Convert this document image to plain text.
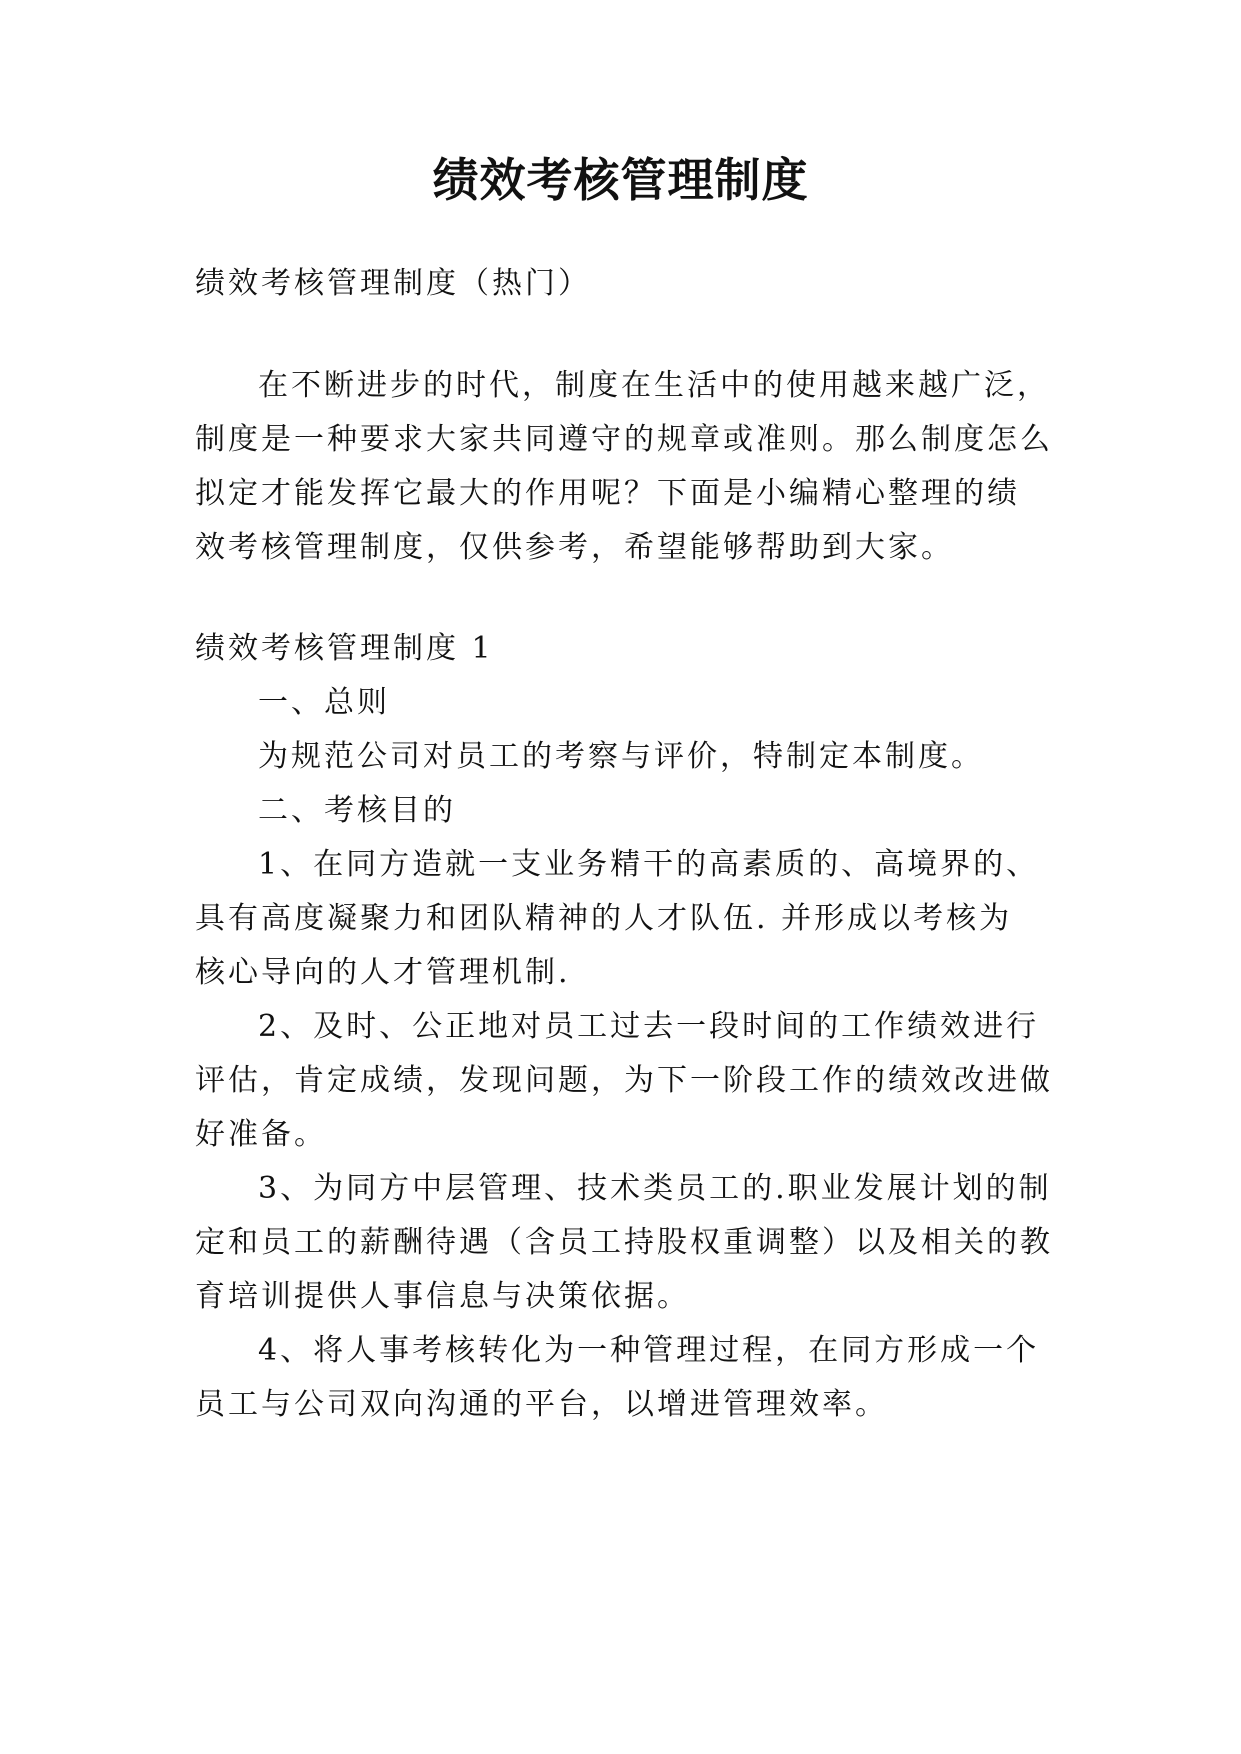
绩效考核管理制度
绩效考核管理制度（热门）
在不断进步的时代，制度在生活中的使用越来越广泛，
制度是一种要求大家共同遵守的规章或准则。那么制度怎么
拟定才能发挥它最大的作用呢？下面是小编精心整理的绩
效考核管理制度，仅供参考，希望能够帮助到大家。
绩效考核管理制度 1
一、总则
为规范公司对员工的考察与评价，特制定本制度。
二、考核目的
1、在同方造就一支业务精干的高素质的、高境界的、
具有高度凝聚力和团队精神的人才队伍. 并形成以考核为
核心导向的人才管理机制.
2、及时、公正地对员工过去一段时间的工作绩效进行
评估，肯定成绩，发现问题，为下一阶段工作的绩效改进做
好准备。
3、为同方中层管理、技术类员工的.职业发展计划的制
定和员工的薪酬待遇（含员工持股权重调整）以及相关的教
育培训提供人事信息与决策依据。
4、将人事考核转化为一种管理过程，在同方形成一个
员工与公司双向沟通的平台，以增进管理效率。
